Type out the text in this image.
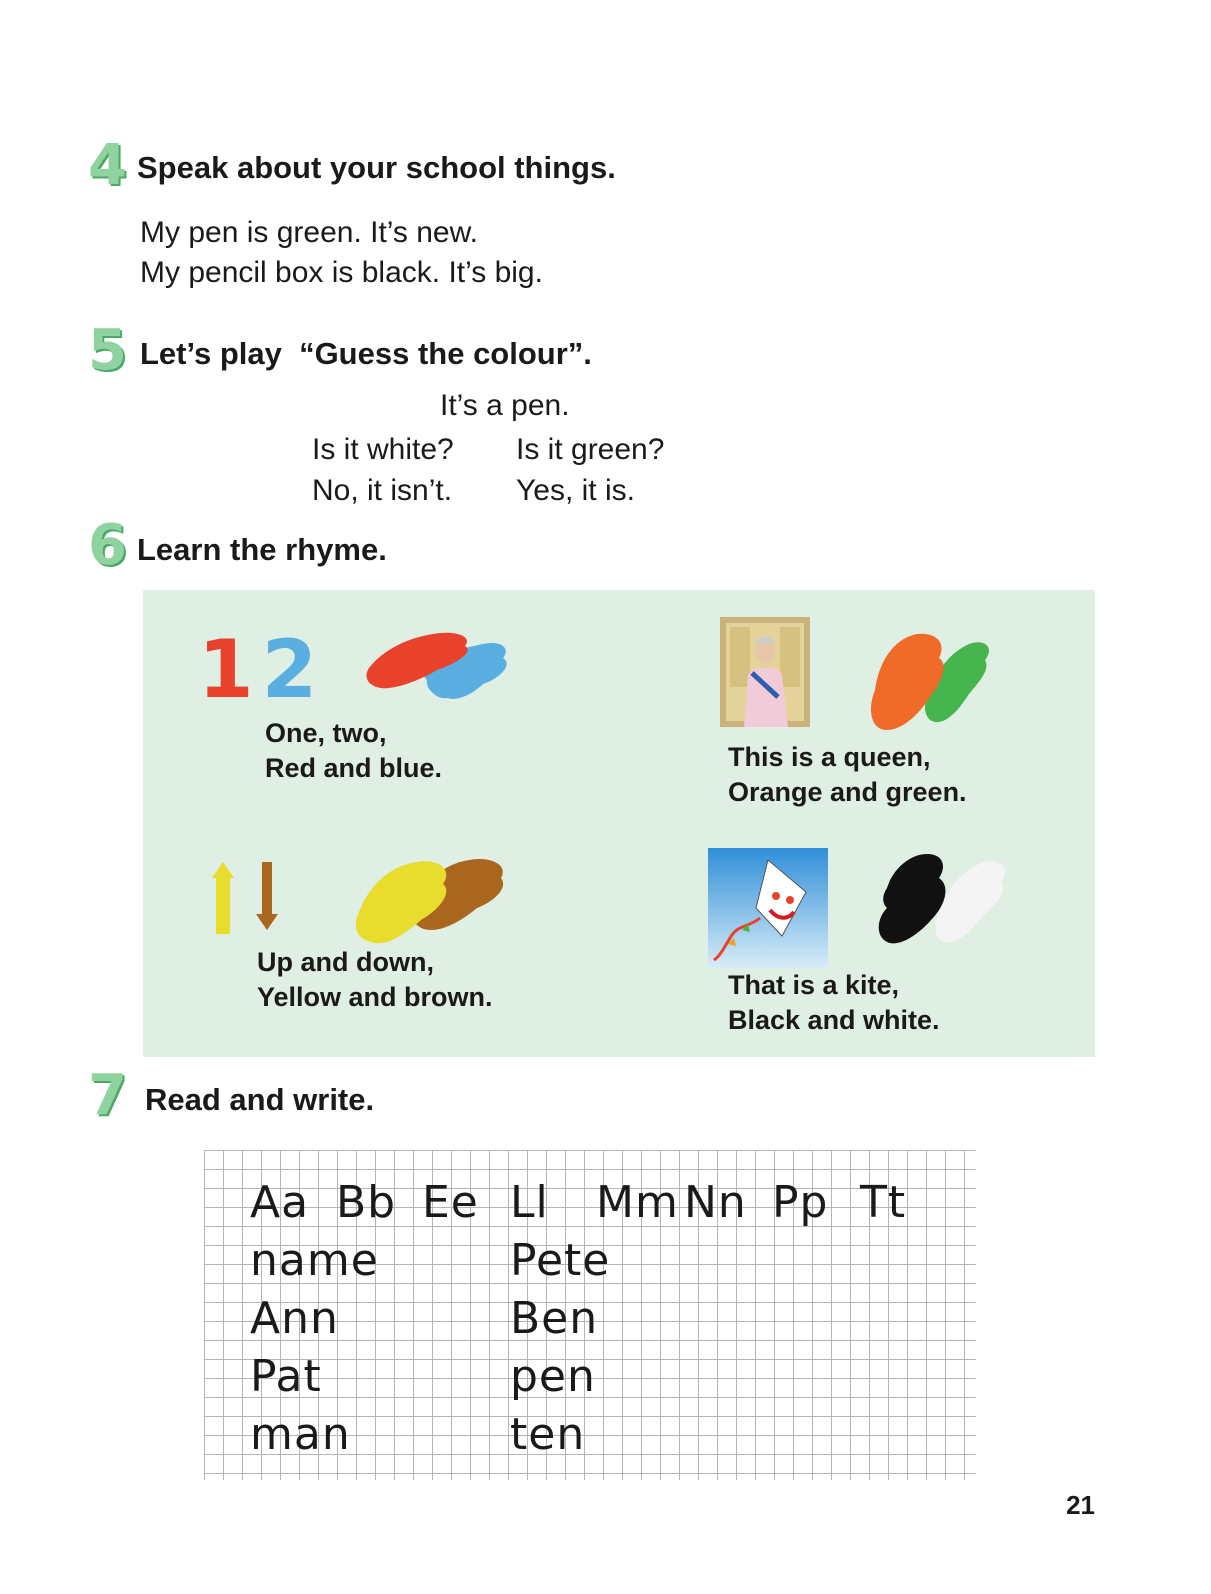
4 Speak about your school things.
My pen is green. It’s new.
My pencil box is black. It’s big.
5 Let’s play  “Guess the colour”.
It’s a pen.
Is it white?
No, it isn’t.
Is it green?
Yes, it is.
6 Learn the rhyme.
1 2
One, two,
Red and blue.	This is a queen,
Orange and green.
Up and down,
Yellow and brown.	That is a kite,
Black and white.
7 Read and write.
Aa Bb Ee Ll Mm Nn Pp Tt
name
Ann
Pat
man
Pete
Ben
pen
ten
21
